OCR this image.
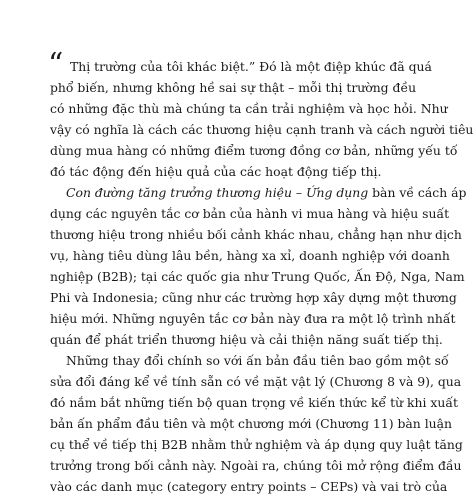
“ Thị trường của tôi khác biệt.” Đó là một điệp khúc đã quá
phổ biến, nhưng không hề sai sự thật – mỗi thị trường đều
có những đặc thù mà chúng ta cần trải nghiệm và học hỏi. Như
vậy có nghĩa là cách các thương hiệu cạnh tranh và cách người tiêu
dùng mua hàng có những điểm tương đồng cơ bản, những yếu tố
đó tác động đến hiệu quả của các hoạt động tiếp thị.
Con đường tăng trưởng thương hiệu – Ứng dụng bàn về cách áp
dụng các nguyên tắc cơ bản của hành vi mua hàng và hiệu suất
thương hiệu trong nhiều bối cảnh khác nhau, chẳng hạn như dịch
vụ, hàng tiêu dùng lâu bền, hàng xa xỉ, doanh nghiệp với doanh
nghiệp (B2B); tại các quốc gia như Trung Quốc, Ấn Độ, Nga, Nam
Phi và Indonesia; cũng như các trường hợp xây dựng một thương
hiệu mới. Những nguyên tắc cơ bản này đưa ra một lộ trình nhất
quán để phát triển thương hiệu và cải thiện năng suất tiếp thị.
Những thay đổi chính so với ấn bản đầu tiên bao gồm một số
sửa đổi đáng kể về tính sẵn có về mặt vật lý (Chương 8 và 9), qua
đó nắm bắt những tiến bộ quan trọng về kiến thức kể từ khi xuất
bản ấn phẩm đầu tiên và một chương mới (Chương 11) bàn luận
cụ thể về tiếp thị B2B nhằm thử nghiệm và áp dụng quy luật tăng
trưởng trong bối cảnh này. Ngoài ra, chúng tôi mở rộng điểm đầu
vào các danh mục (category entry points – CEPs) và vai trò của
